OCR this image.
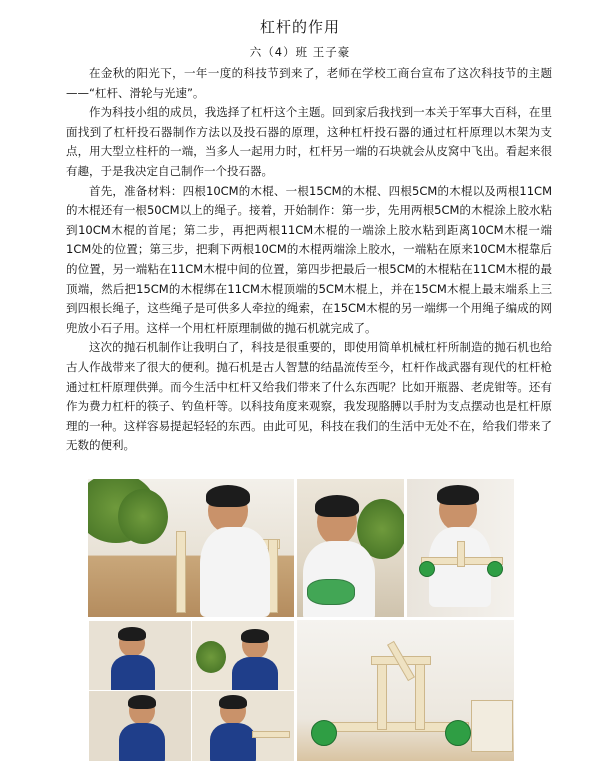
杠杆的作用
六（4）班 王子豪

在金秋的阳光下，一年一度的科技节到来了，老师在学校工商台宣布了这次科技节的主题——“杠杆、滑轮与光速”。

作为科技小组的成员，我选择了杠杆这个主题。回到家后我找到一本关于军事大百科，在里面找到了杠杆投石器制作方法以及投石器的原理，这种杠杆投石器的通过杠杆原理以木架为支点，用大型立柱杆的一端，当多人一起用力时，杠杆另一端的石块就会从皮窝中飞出。看起来很有趣，于是我决定自己制作一个投石器。

首先，准备材料：四根10CM的木棍、一根15CM的木棍、四根5CM的木棍以及两根11CM的木棍还有一根50CM以上的绳子。接着，开始制作：第一步，先用两根5CM的木棍涂上胶水粘到10CM木棍的首尾；第二步，再把两根11CM木棍的一端涂上胶水粘到距离10CM木棍一端1CM处的位置；第三步，把剩下两根10CM的木棍两端涂上胶水，一端粘在原来10CM木棍靠后的位置，另一端粘在11CM木棍中间的位置，第四步把最后一根5CM的木棍粘在11CM木棍的最顶端，然后把15CM的木棍绑在11CM木棍顶端的5CM木棍上，并在15CM木棍上最末端系上三到四根长绳子，这些绳子是可供多人牵拉的绳索，在15CM木棍的另一端绑一个用绳子编成的网兜放小石子用。这样一个用杠杆原理制做的抛石机就完成了。

这次的抛石机制作让我明白了，科技是很重要的，即使用简单机械杠杆所制造的抛石机也给古人作战带来了很大的便利。抛石机是古人智慧的结晶流传至今，杠杆作战武器有现代的杠杆枪通过杠杆原理供弹。而今生活中杠杆又给我们带来了什么东西呢？比如开瓶器、老虎钳等。还有作为费力杠杆的筷子、钓鱼杆等。以科技角度来观察，我发现胳膊以手肘为支点摆动也是杠杆原理的一种。这样容易提起轻轻的东西。由此可见，科技在我们的生活中无处不在，给我们带来了无数的便利。
